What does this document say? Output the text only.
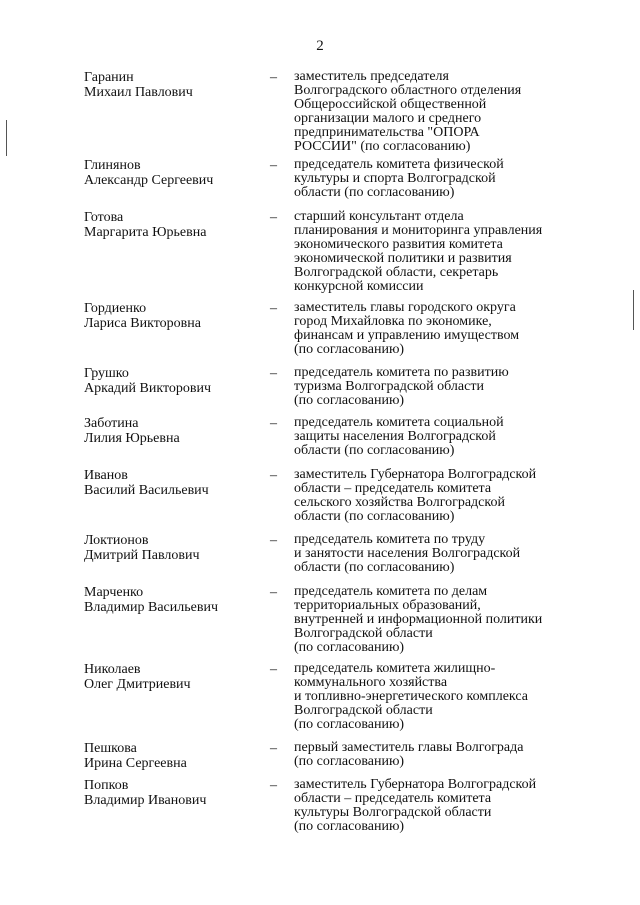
2
Гаранин
Михаил Павлович
– заместитель председателя
Волгоградского областного отделения
Общероссийской общественной
организации малого и среднего
предпринимательства "ОПОРА
РОССИИ" (по согласованию)
Глинянов
Александр Сергеевич
– председатель комитета физической
культуры и спорта Волгоградской
области (по согласованию)
Готова
Маргарита Юрьевна
– старший консультант отдела
планирования и мониторинга управления
экономического развития комитета
экономической политики и развития
Волгоградской области, секретарь
конкурсной комиссии
Гордиенко
Лариса Викторовна
– заместитель главы городского округа
город Михайловка по экономике,
финансам и управлению имуществом
(по согласованию)
Грушко
Аркадий Викторович
– председатель комитета по развитию
туризма Волгоградской области
(по согласованию)
Заботина
Лилия Юрьевна
– председатель комитета социальной
защиты населения Волгоградской
области (по согласованию)
Иванов
Василий Васильевич
– заместитель Губернатора Волгоградской
области – председатель комитета
сельского хозяйства Волгоградской
области (по согласованию)
Локтионов
Дмитрий Павлович
– председатель комитета по труду
и занятости населения Волгоградской
области (по согласованию)
Марченко
Владимир Васильевич
– председатель комитета по делам
территориальных образований,
внутренней и информационной политики
Волгоградской области
(по согласованию)
Николаев
Олег Дмитриевич
– председатель комитета жилищно-
коммунального хозяйства
и топливно-энергетического комплекса
Волгоградской области
(по согласованию)
Пешкова
Ирина Сергеевна
– первый заместитель главы Волгограда
(по согласованию)
Попков
Владимир Иванович
– заместитель Губернатора Волгоградской
области – председатель комитета
культуры Волгоградской области
(по согласованию)
